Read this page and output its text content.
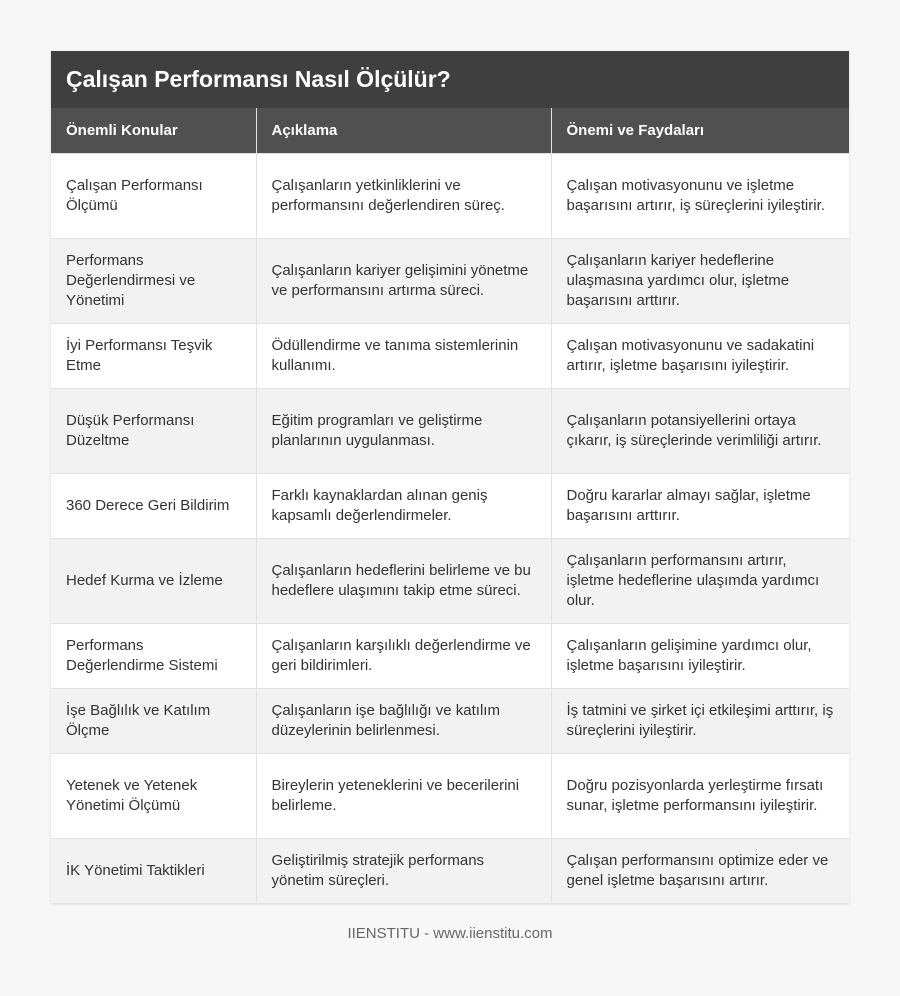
Çalışan Performansı Nasıl Ölçülür?
Önemli Konular	Açıklama	Önemi ve Faydaları
Çalışan Performansı Ölçümü	Çalışanların yetkinliklerini ve performansını değerlendiren süreç.	Çalışan motivasyonunu ve işletme başarısını artırır, iş süreçlerini iyileştirir.
Performans Değerlendirmesi ve Yönetimi	Çalışanların kariyer gelişimini yönetme ve performansını artırma süreci.	Çalışanların kariyer hedeflerine ulaşmasına yardımcı olur, işletme başarısını arttırır.
İyi Performansı Teşvik Etme	Ödüllendirme ve tanıma sistemlerinin kullanımı.	Çalışan motivasyonunu ve sadakatini artırır, işletme başarısını iyileştirir.
Düşük Performansı Düzeltme	Eğitim programları ve geliştirme planlarının uygulanması.	Çalışanların potansiyellerini ortaya çıkarır, iş süreçlerinde verimliliği artırır.
360 Derece Geri Bildirim	Farklı kaynaklardan alınan geniş kapsamlı değerlendirmeler.	Doğru kararlar almayı sağlar, işletme başarısını arttırır.
Hedef Kurma ve İzleme	Çalışanların hedeflerini belirleme ve bu hedeflere ulaşımını takip etme süreci.	Çalışanların performansını artırır, işletme hedeflerine ulaşımda yardımcı olur.
Performans Değerlendirme Sistemi	Çalışanların karşılıklı değerlendirme ve geri bildirimleri.	Çalışanların gelişimine yardımcı olur, işletme başarısını iyileştirir.
İşe Bağlılık ve Katılım Ölçme	Çalışanların işe bağlılığı ve katılım düzeylerinin belirlenmesi.	İş tatmini ve şirket içi etkileşimi arttırır, iş süreçlerini iyileştirir.
Yetenek ve Yetenek Yönetimi Ölçümü	Bireylerin yeteneklerini ve becerilerini belirleme.	Doğru pozisyonlarda yerleştirme fırsatı sunar, işletme performansını iyileştirir.
İK Yönetimi Taktikleri	Geliştirilmiş stratejik performans yönetim süreçleri.	Çalışan performansını optimize eder ve genel işletme başarısını artırır.
IIENSTITU - www.iienstitu.com
